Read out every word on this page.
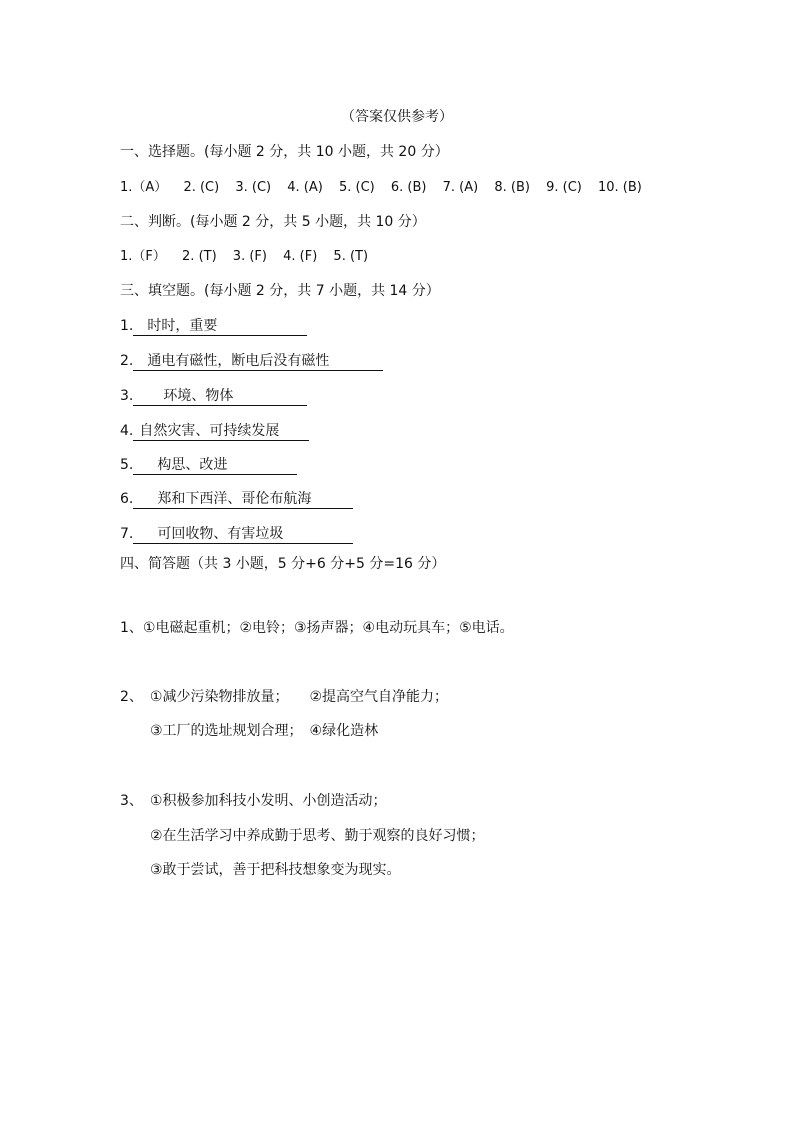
（答案仅供参考）
一、选择题。(每小题 2 分，共 10 小题，共 20 分）
1.（A） 2. (C) 3. (C) 4. (A) 5. (C) 6. (B) 7. (A) 8. (B) 9. (C) 10. (B)
二、判断。(每小题 2 分，共 5 小题，共 10 分）
1.（F） 2. (T) 3. (F) 4. (F) 5. (T)
三、填空题。(每小题 2 分，共 7 小题，共 14 分）
1. 时时，重要
2. 通电有磁性，断电后没有磁性
3. 环境、物体
4. 自然灾害、可持续发展
5. 构思、改进
6. 郑和下西洋、哥伦布航海
7. 可回收物、有害垃圾
四、简答题（共 3 小题，5 分+6 分+5 分=16 分）
1、①电磁起重机；②电铃；③扬声器；④电动玩具车；⑤电话。
2、　①减少污染物排放量；　　②提高空气自净能力；
③工厂的选址规划合理；　④绿化造林
3、　①积极参加科技小发明、小创造活动；
②在生活学习中养成勤于思考、勤于观察的良好习惯；
③敢于尝试，善于把科技想象变为现实。
